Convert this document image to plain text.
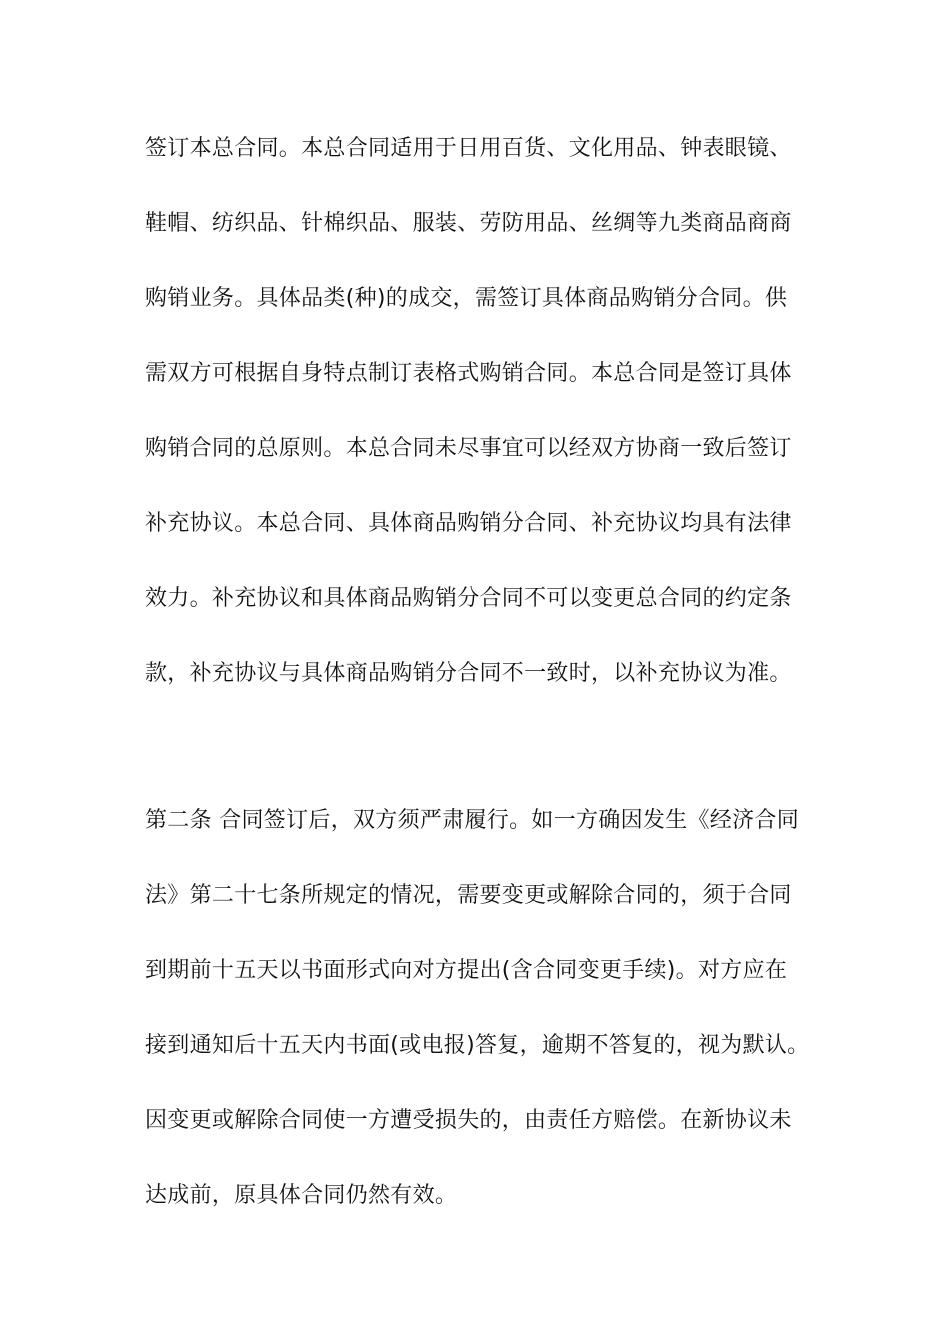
签订本总合同。本总合同适用于日用百货、文化用品、钟表眼镜、

鞋帽、纺织品、针棉织品、服装、劳防用品、丝绸等九类商品商商

购销业务。具体品类(种)的成交，需签订具体商品购销分合同。供

需双方可根据自身特点制订表格式购销合同。本总合同是签订具体

购销合同的总原则。本总合同未尽事宜可以经双方协商一致后签订

补充协议。本总合同、具体商品购销分合同、补充协议均具有法律

效力。补充协议和具体商品购销分合同不可以变更总合同的约定条

款，补充协议与具体商品购销分合同不一致时，以补充协议为准。

第二条 合同签订后，双方须严肃履行。如一方确因发生《经济合同

法》第二十七条所规定的情况，需要变更或解除合同的，须于合同

到期前十五天以书面形式向对方提出(含合同变更手续)。对方应在

接到通知后十五天内书面(或电报)答复，逾期不答复的，视为默认。

因变更或解除合同使一方遭受损失的，由责任方赔偿。在新协议未

达成前，原具体合同仍然有效。
